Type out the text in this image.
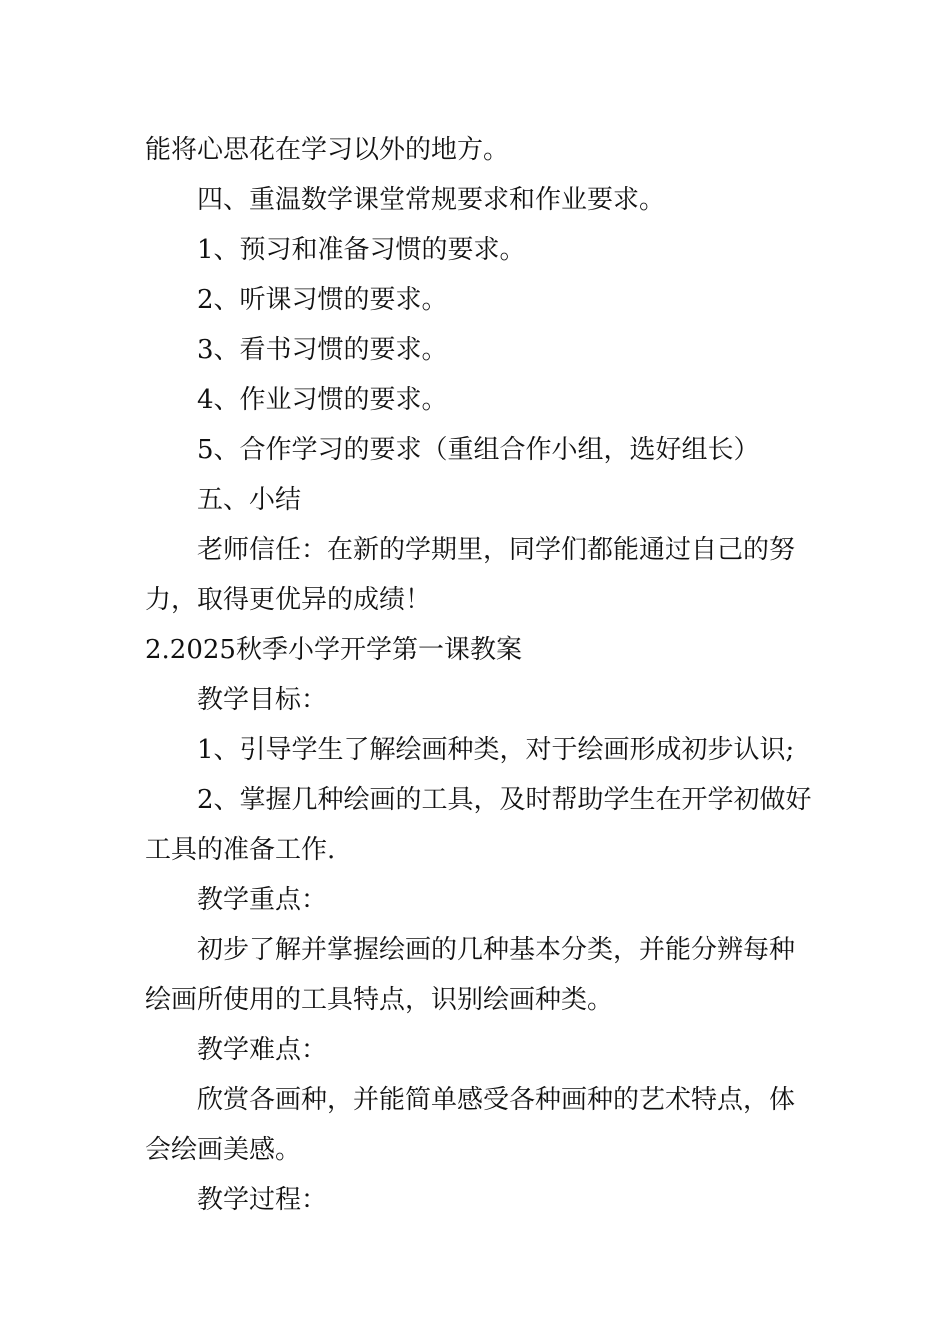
能将心思花在学习以外的地方。
四、重温数学课堂常规要求和作业要求。
1、预习和准备习惯的要求。
2、听课习惯的要求。
3、看书习惯的要求。
4、作业习惯的要求。
5、合作学习的要求（重组合作小组，选好组长）
五、小结
老师信任：在新的学期里，同学们都能通过自己的努
力，取得更优异的成绩！
2.2025秋季小学开学第一课教案
教学目标：
1、引导学生了解绘画种类，对于绘画形成初步认识;
2、掌握几种绘画的工具，及时帮助学生在开学初做好
工具的准备工作.
教学重点：
初步了解并掌握绘画的几种基本分类，并能分辨每种
绘画所使用的工具特点，识别绘画种类。
教学难点：
欣赏各画种，并能简单感受各种画种的艺术特点，体
会绘画美感。
教学过程：
